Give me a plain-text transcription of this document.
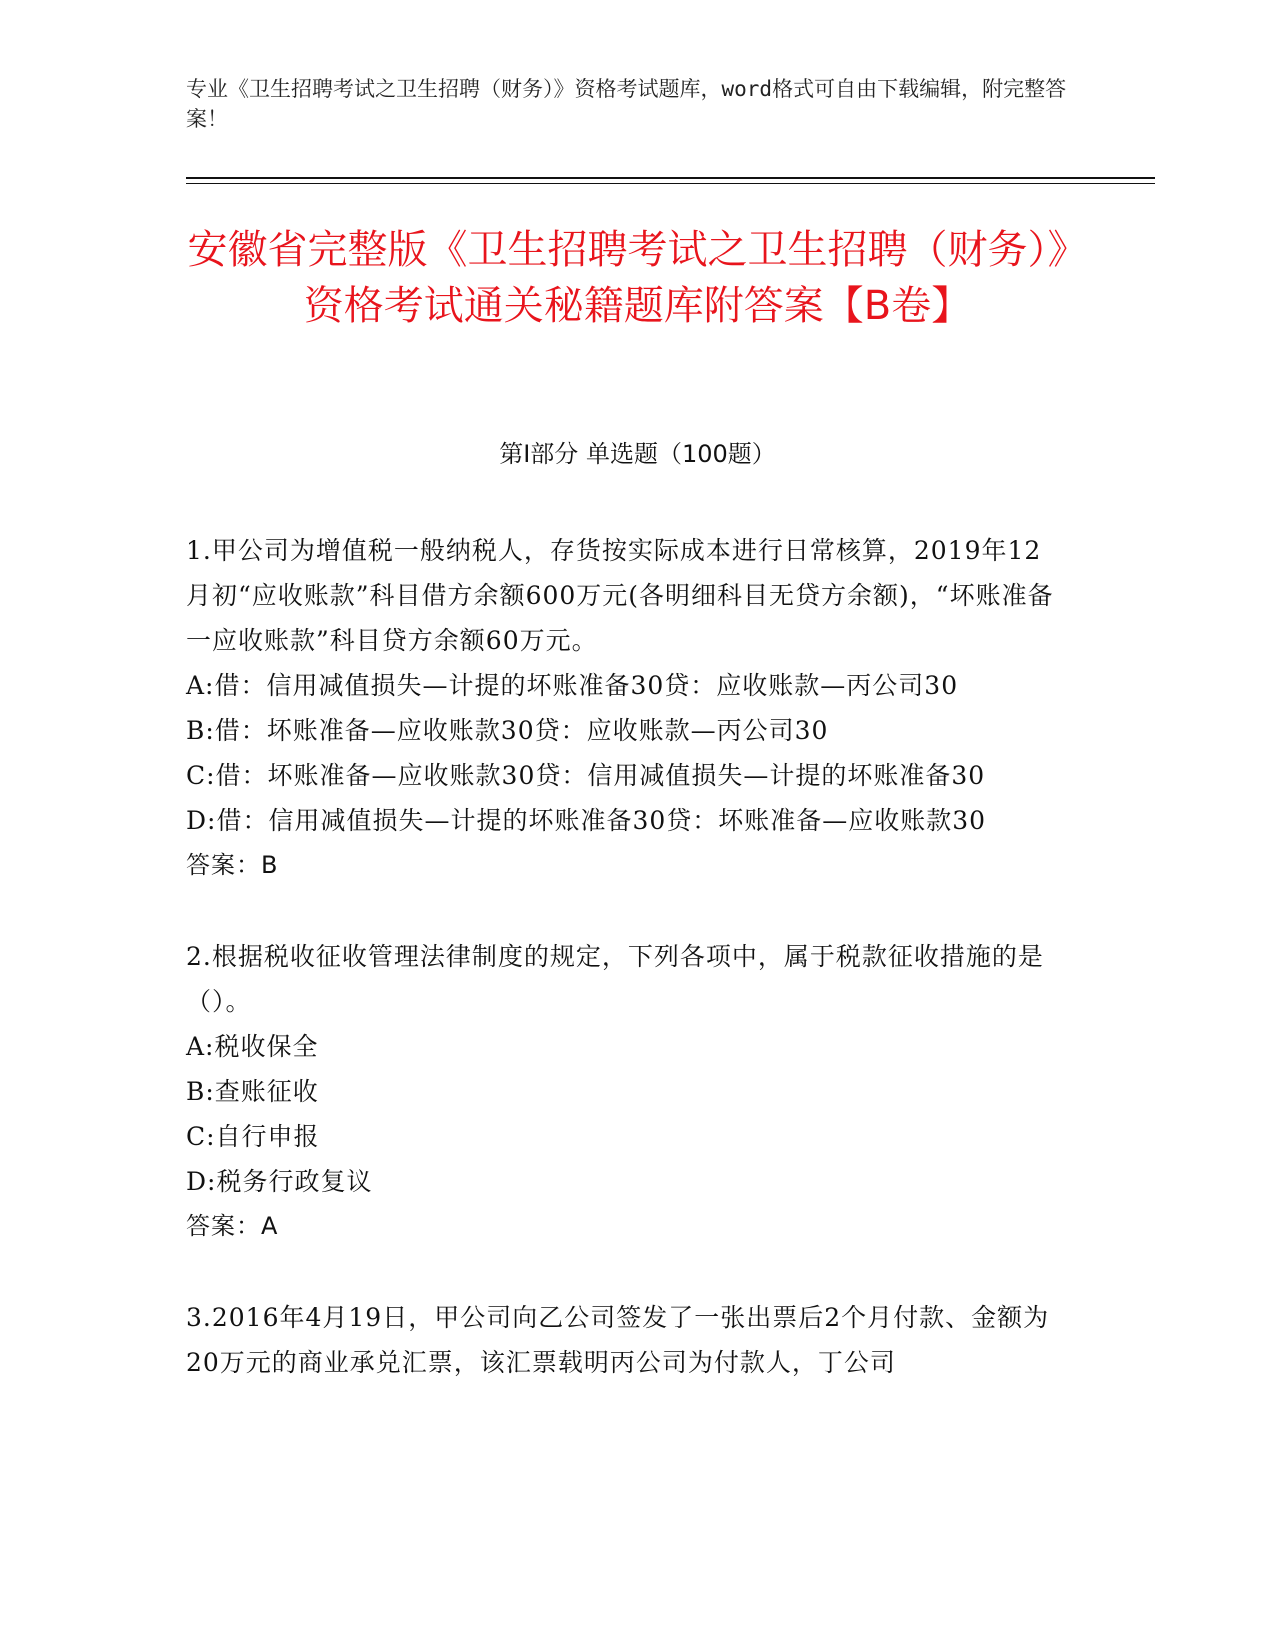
专业《卫生招聘考试之卫生招聘（财务）》资格考试题库，word格式可自由下载编辑，附完整答案！
安徽省完整版《卫生招聘考试之卫生招聘（财务）》资格考试通关秘籍题库附答案【B卷】
第Ⅰ部分 单选题（100题）

1.甲公司为增值税一般纳税人，存货按实际成本进行日常核算，2019年12月初“应收账款”科目借方余额600万元(各明细科目无贷方余额)，“坏账准备一应收账款”科目贷方余额60万元。

A:借：信用减值损失—计提的坏账准备30贷：应收账款—丙公司30

B:借：坏账准备—应收账款30贷：应收账款—丙公司30

C:借：坏账准备—应收账款30贷：信用减值损失—计提的坏账准备30

D:借：信用减值损失—计提的坏账准备30贷：坏账准备—应收账款30

答案：B

2.根据税收征收管理法律制度的规定，下列各项中，属于税款征收措施的是（）。

A:税收保全

B:查账征收

C:自行申报

D:税务行政复议

答案：A

3.2016年4月19日，甲公司向乙公司签发了一张出票后2个月付款、金额为20万元的商业承兑汇票，该汇票载明丙公司为付款人，丁公司
